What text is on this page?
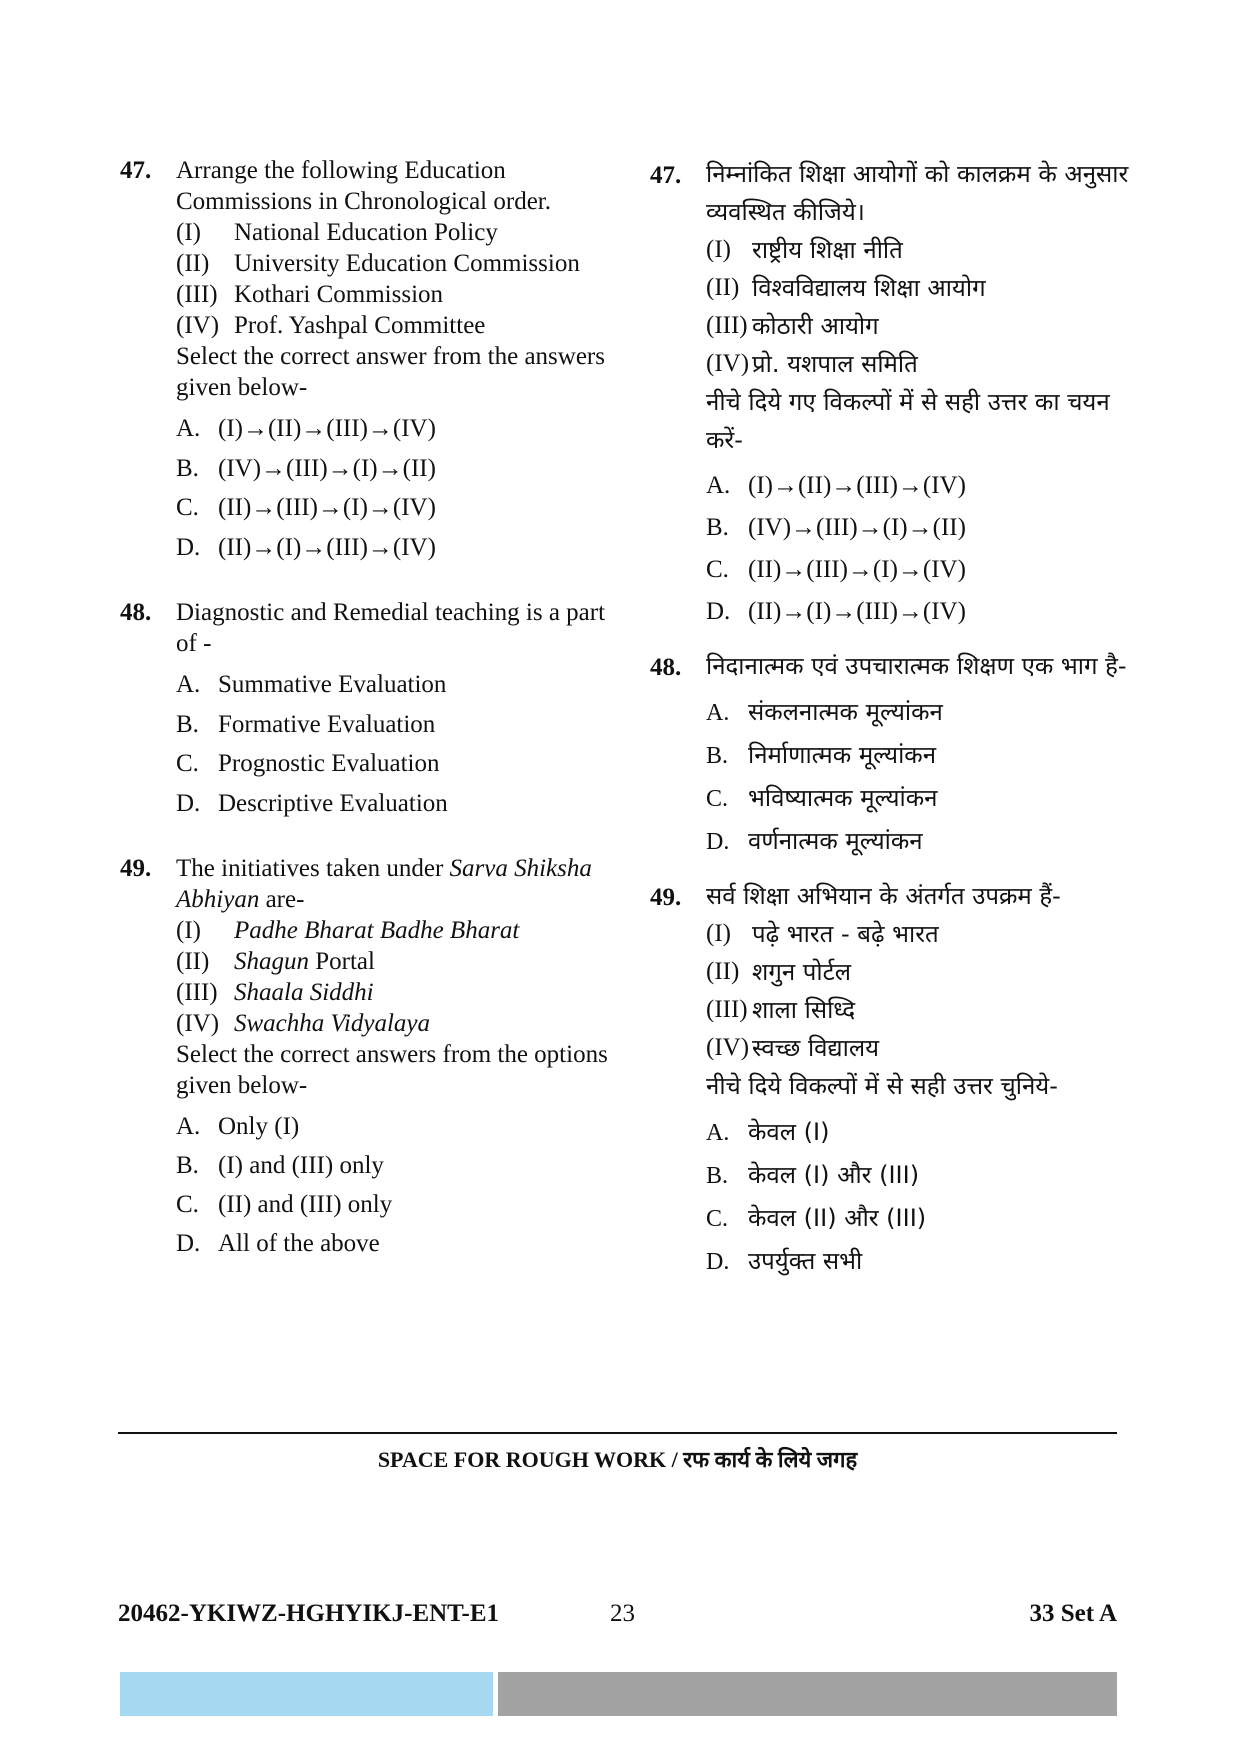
47. Arrange the following Education Commissions in Chronological order.
(I)	National Education Policy
(II) University Education Commission
(III) Kothari Commission
(IV) Prof. Yashpal Committee
Select the correct answer from the answers given below-
A. (I)→(II)→(III)→(IV)
B. (IV)→(III)→(I)→(II)
C. (II)→(III)→(I)→(IV)
D. (II)→(I)→(III)→(IV)
48. Diagnostic and Remedial teaching is a part of -
A. Summative Evaluation
B. Formative Evaluation
C. Prognostic Evaluation
D. Descriptive Evaluation
49. The initiatives taken under Sarva Shiksha Abhiyan are-
(I)	Padhe Bharat Badhe Bharat
(II) Shagun Portal
(III) Shaala Siddhi
(IV) Swachha Vidyalaya
Select the correct answers from the options given below-
A. Only (I)
B. (I) and (III) only
C. (II) and (III) only
D. All of the above
47. निम्नांकित शिक्षा आयोगों को कालक्रम के अनुसार व्यवस्थित कीजिये।
(I) राष्ट्रीय शिक्षा नीति
(II) विश्वविद्यालय शिक्षा आयोग
(III) कोठारी आयोग
(IV) प्रो. यशपाल समिति
नीचे दिये गए विकल्पों में से सही उत्तर का चयन करें-
A. (I)→(II)→(III)→(IV)
B. (IV)→(III)→(I)→(II)
C. (II)→(III)→(I)→(IV)
D. (II)→(I)→(III)→(IV)
48. निदानात्मक एवं उपचारात्मक शिक्षण एक भाग है-
A. संकलनात्मक मूल्यांकन
B. निर्माणात्मक मूल्यांकन
C. भविष्यात्मक मूल्यांकन
D. वर्णनात्मक मूल्यांकन
49. सर्व शिक्षा अभियान के अंतर्गत उपक्रम हैं-
(I) पढ़े भारत - बढ़े भारत
(II) शगुन पोर्टल
(III) शाला सिध्दि
(IV) स्वच्छ विद्यालय
नीचे दिये विकल्पों में से सही उत्तर चुनिये-
A. केवल (I)
B. केवल (I) और (III)
C. केवल (II) और (III)
D. उपर्युक्त सभी
SPACE FOR ROUGH WORK / रफ कार्य के लिये जगह
20462-YKIWZ-HGHYIKJ-ENT-E1	23	33 Set A
